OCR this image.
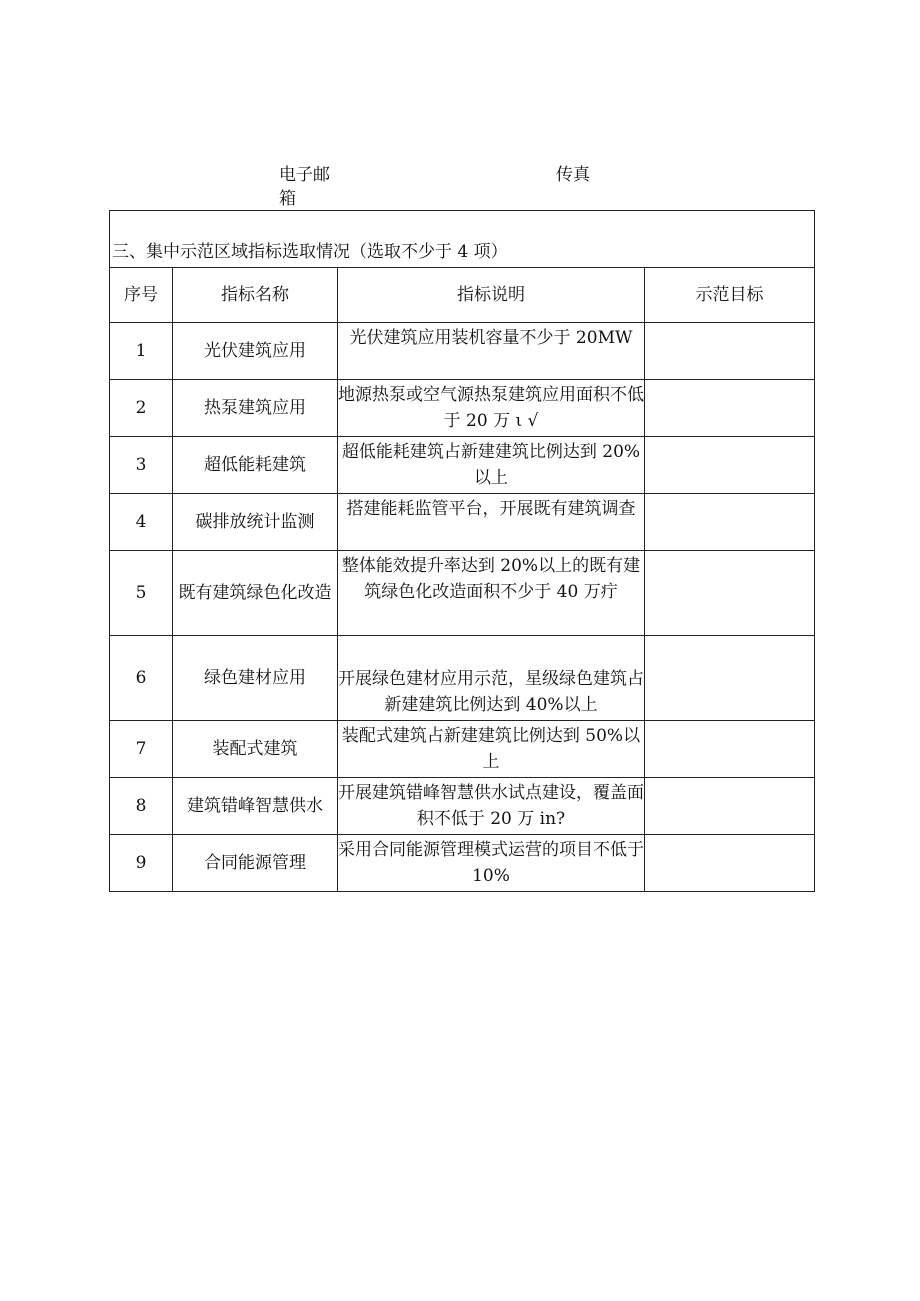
电子邮箱
传真
三、集中示范区域指标选取情况（选取不少于 4 项）			
序号	指标名称	指标说明	示范目标
1	光伏建筑应用	光伏建筑应用装机容量不少于 20MW	
2	热泵建筑应用	地源热泵或空气源热泵建筑应用面积不低于 20 万 ι √	
3	超低能耗建筑	超低能耗建筑占新建建筑比例达到 20%以上	
4	碳排放统计监测	搭建能耗监管平台，开展既有建筑调查	
5	既有建筑绿色化改造	整体能效提升率达到 20%以上的既有建筑绿色化改造面积不少于 40 万疔	
6	绿色建材应用	开展绿色建材应用示范，星级绿色建筑占新建建筑比例达到 40%以上	
7	装配式建筑	装配式建筑占新建建筑比例达到 50%以上	
8	建筑错峰智慧供水	开展建筑错峰智慧供水试点建设，覆盖面积不低于 20 万 in?	
9	合同能源管理	采用合同能源管理模式运营的项目不低于 10%	
